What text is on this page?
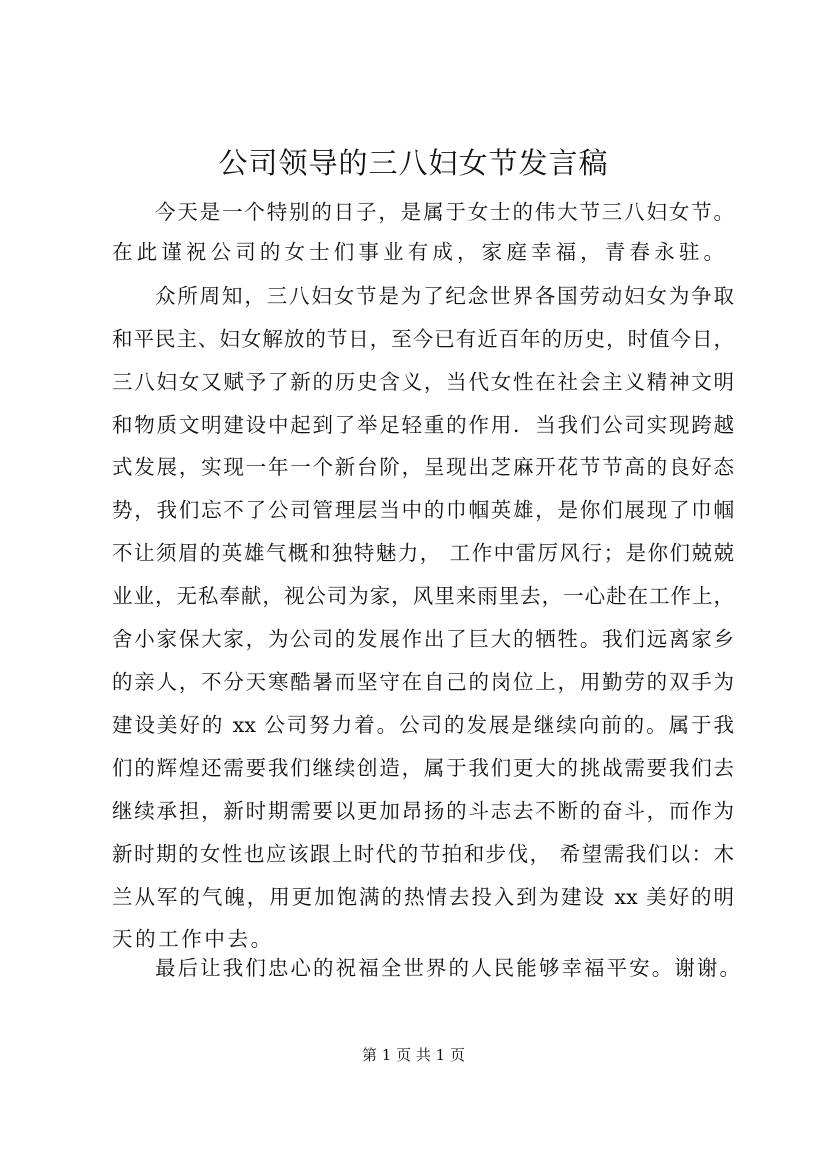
公司领导的三八妇女节发言稿
今天是一个特别的日子，是属于女士的伟大节三八妇女节。
在此谨祝公司的女士们事业有成，家庭幸福，青春永驻。
众所周知，三八妇女节是为了纪念世界各国劳动妇女为争取
和平民主、妇女解放的节日，至今已有近百年的历史，时值今日，
三八妇女又赋予了新的历史含义，当代女性在社会主义精神文明
和物质文明建设中起到了举足轻重的作用．当我们公司实现跨越
式发展，实现一年一个新台阶，呈现出芝麻开花节节高的良好态
势，我们忘不了公司管理层当中的巾帼英雄，是你们展现了巾帼
不让须眉的英雄气概和独特魅力， 工作中雷厉风行；是你们兢兢
业业，无私奉献，视公司为家，风里来雨里去，一心赴在工作上，
舍小家保大家，为公司的发展作出了巨大的牺牲。我们远离家乡
的亲人，不分天寒酷暑而坚守在自己的岗位上，用勤劳的双手为
建设美好的 xx 公司努力着。公司的发展是继续向前的。属于我
们的辉煌还需要我们继续创造，属于我们更大的挑战需要我们去
继续承担，新时期需要以更加昂扬的斗志去不断的奋斗，而作为
新时期的女性也应该跟上时代的节拍和步伐， 希望需我们以：木
兰从军的气魄，用更加饱满的热情去投入到为建设 xx 美好的明
天的工作中去。
最后让我们忠心的祝福全世界的人民能够幸福平安。谢谢。
第 1 页 共 1 页
